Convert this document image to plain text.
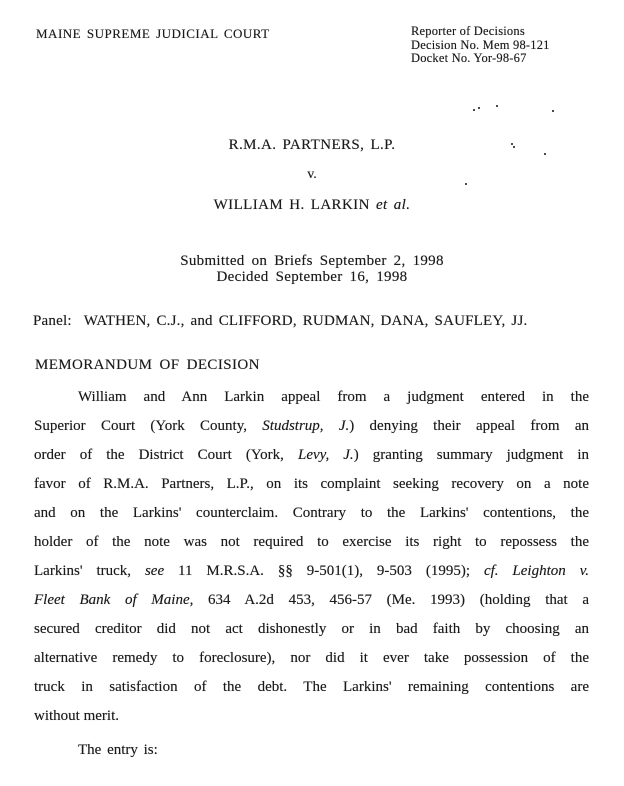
MAINE SUPREME JUDICIAL COURT	Reporter of Decisions
Decision No. Mem 98-121
Docket No. Yor-98-67
R.M.A. PARTNERS, L.P.
v.
WILLIAM H. LARKIN et al.
Submitted on Briefs September 2, 1998
Decided September 16, 1998
Panel: WATHEN, C.J., and CLIFFORD, RUDMAN, DANA, SAUFLEY, JJ.
MEMORANDUM OF DECISION
William and Ann Larkin appeal from a judgment entered in the
Superior Court (York County, Studstrup, J.) denying their appeal from an
order of the District Court (York, Levy, J.) granting summary judgment in
favor of R.M.A. Partners, L.P., on its complaint seeking recovery on a note
and on the Larkins' counterclaim. Contrary to the Larkins' contentions, the
holder of the note was not required to exercise its right to repossess the
Larkins' truck, see 11 M.R.S.A. §§ 9-501(1), 9-503 (1995); cf. Leighton v.
Fleet Bank of Maine, 634 A.2d 453, 456-57 (Me. 1993) (holding that a
secured creditor did not act dishonestly or in bad faith by choosing an
alternative remedy to foreclosure), nor did it ever take possession of the
truck in satisfaction of the debt. The Larkins' remaining contentions are
without merit.
The entry is:
